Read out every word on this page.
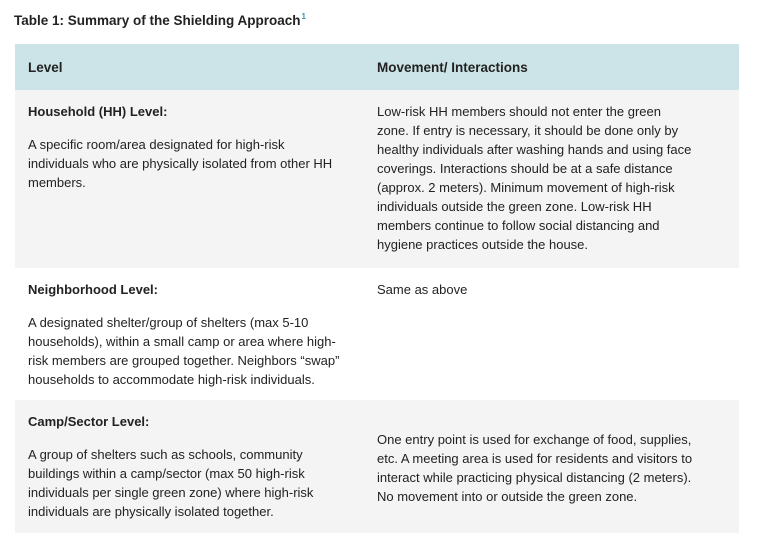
Table 1: Summary of the Shielding Approach$^1$
Level	Movement/ Interactions
Household (HH) Level:
A specific room/area designated for high-risk
individuals who are physically isolated from other HH
members.
Low-risk HH members should not enter the green
zone. If entry is necessary, it should be done only by
healthy individuals after washing hands and using face
coverings. Interactions should be at a safe distance
(approx. 2 meters). Minimum movement of high-risk
individuals outside the green zone. Low-risk HH
members continue to follow social distancing and
hygiene practices outside the house.
Neighborhood Level:
A designated shelter/group of shelters (max 5-10
households), within a small camp or area where high-
risk members are grouped together. Neighbors “swap”
households to accommodate high-risk individuals.
Same as above
Camp/Sector Level:
A group of shelters such as schools, community
buildings within a camp/sector (max 50 high-risk
individuals per single green zone) where high-risk
individuals are physically isolated together.
One entry point is used for exchange of food, supplies,
etc. A meeting area is used for residents and visitors to
interact while practicing physical distancing (2 meters).
No movement into or outside the green zone.
